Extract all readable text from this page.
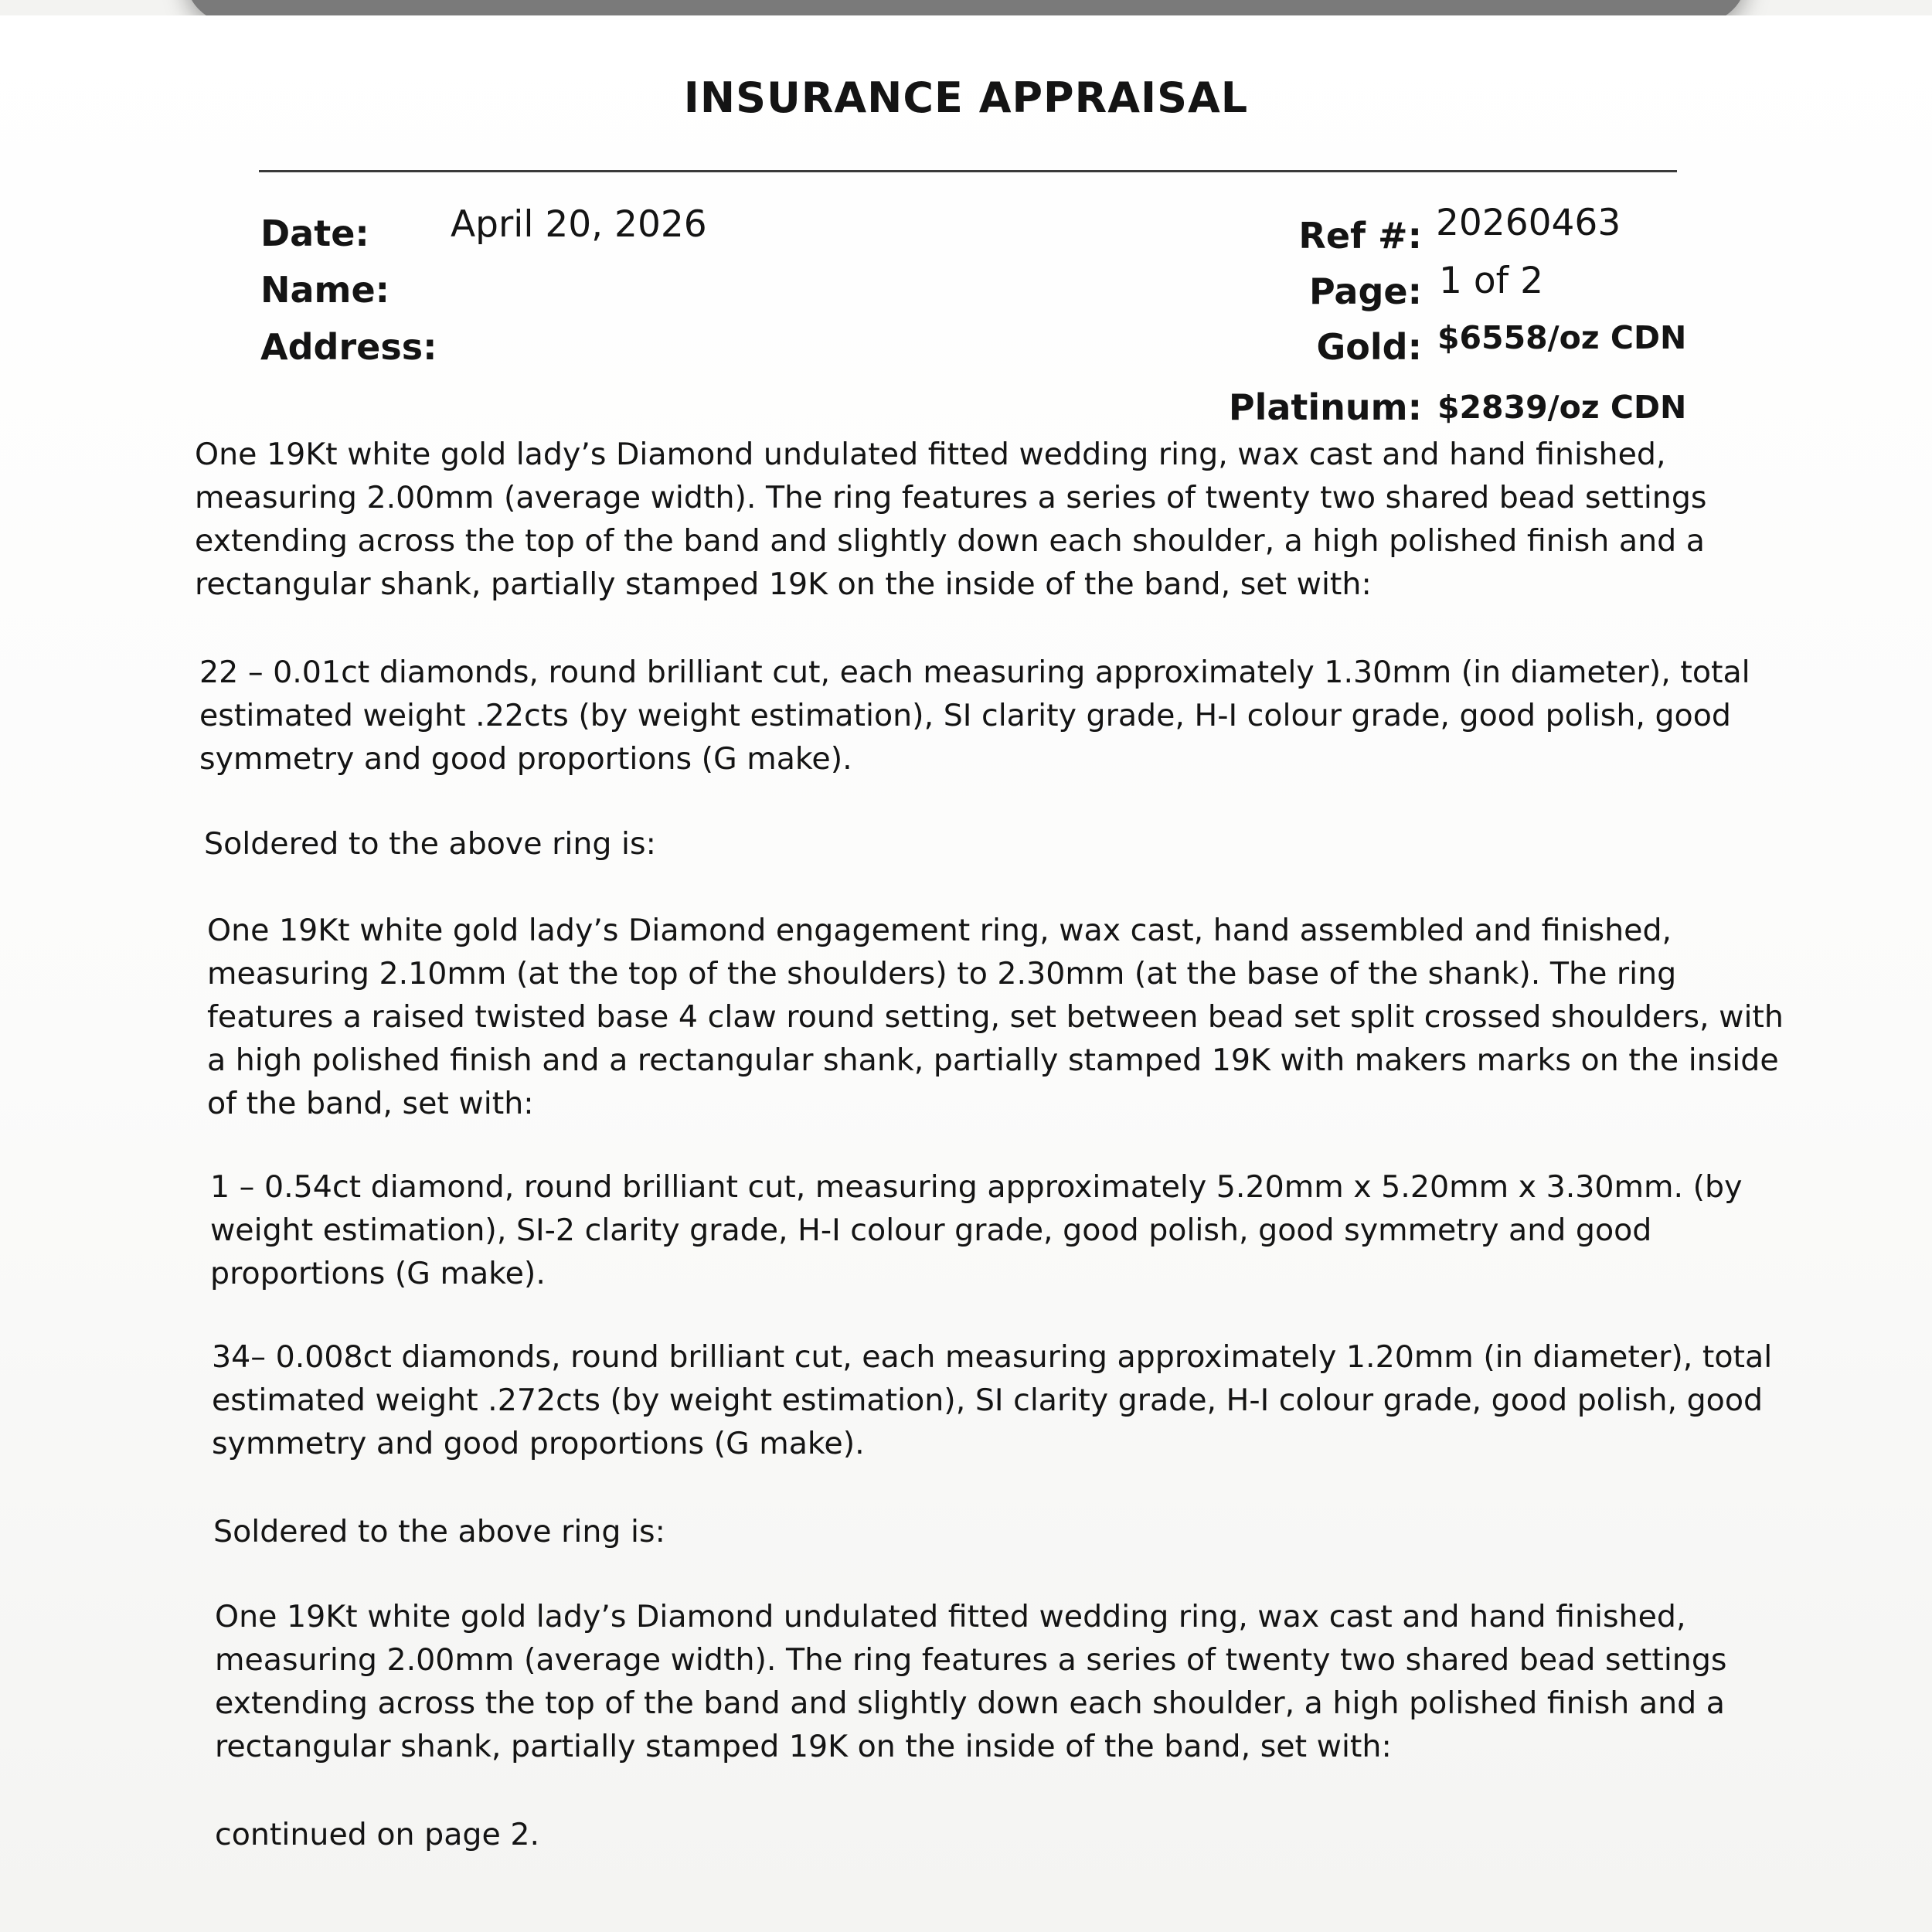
INSURANCE APPRAISAL
Date: April 20, 2026
Name:
Address:
Ref #: 20260463
Page: 1 of 2
Gold: $6558/oz CDN
Platinum: $2839/oz CDN
One 19Kt white gold lady’s Diamond undulated fitted wedding ring, wax cast and hand finished,
measuring 2.00mm (average width). The ring features a series of twenty two shared bead settings
extending across the top of the band and slightly down each shoulder, a high polished finish and a
rectangular shank, partially stamped 19K on the inside of the band, set with:
22 – 0.01ct diamonds, round brilliant cut, each measuring approximately 1.30mm (in diameter), total
estimated weight .22cts (by weight estimation), SI clarity grade, H-I colour grade, good polish, good
symmetry and good proportions (G make).
Soldered to the above ring is:
One 19Kt white gold lady’s Diamond engagement ring, wax cast, hand assembled and finished,
measuring 2.10mm (at the top of the shoulders) to 2.30mm (at the base of the shank). The ring
features a raised twisted base 4 claw round setting, set between bead set split crossed shoulders, with
a high polished finish and a rectangular shank, partially stamped 19K with makers marks on the inside
of the band, set with:
1 – 0.54ct diamond, round brilliant cut, measuring approximately 5.20mm x 5.20mm x 3.30mm. (by
weight estimation), SI-2 clarity grade, H-I colour grade, good polish, good symmetry and good
proportions (G make).
34– 0.008ct diamonds, round brilliant cut, each measuring approximately 1.20mm (in diameter), total
estimated weight .272cts (by weight estimation), SI clarity grade, H-I colour grade, good polish, good
symmetry and good proportions (G make).
Soldered to the above ring is:
One 19Kt white gold lady’s Diamond undulated fitted wedding ring, wax cast and hand finished,
measuring 2.00mm (average width). The ring features a series of twenty two shared bead settings
extending across the top of the band and slightly down each shoulder, a high polished finish and a
rectangular shank, partially stamped 19K on the inside of the band, set with:
continued on page 2.
